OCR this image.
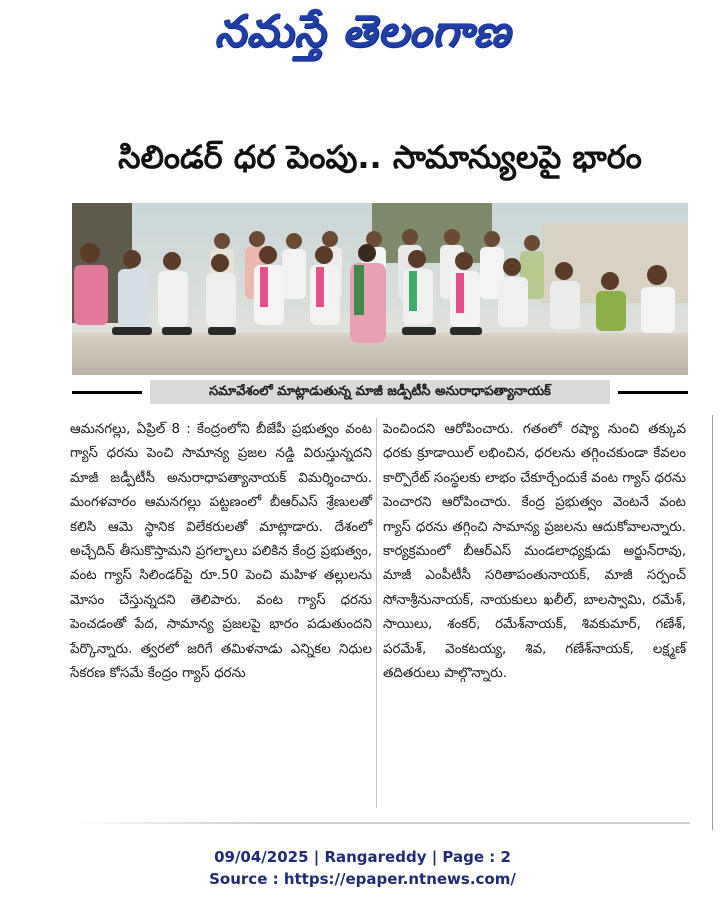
నమస్తే తెలంగాణ
సిలిండర్ ధర పెంపు.. సామాన్యులపై భారం
సమావేశంలో మాట్లాడుతున్న మాజీ జడ్పీటీసీ అనురాధాపత్యానాయక్
ఆమనగల్లు, ఏప్రిల్ 8 : కేంద్రంలోని బీజేపీ ప్రభుత్వం వంట గ్యాస్ ధరను పెంచి సామాన్య ప్రజల నడ్డి విరుస్తున్నదని మాజీ జడ్పీటీసీ అనురాధాపత్యానాయక్ విమర్శించారు. మంగళవారం ఆమనగల్లు పట్టణంలో బీఆర్ఎస్ శ్రేణులతో కలిసి ఆమె స్థానిక విలేకరులతో మాట్లాడారు. దేశంలో అచ్చేదిన్ తీసుకొస్తామని ప్రగల్భాలు పలికిన కేంద్ర ప్రభుత్వం, వంట గ్యాస్ సిలిండర్‌పై రూ.50 పెంచి మహిళ తల్లులను మోసం చేస్తున్నదని తెలిపారు. వంట గ్యాస్ ధరను పెంచడంతో పేద, సామాన్య ప్రజలపై భారం పడుతుందని పేర్కొన్నారు. త్వరలో జరిగే తమిళనాడు ఎన్నికల నిధుల సేకరణ కోసమే కేంద్రం గ్యాస్ ధరను
పెంచిందని ఆరోపించారు. గతంలో రష్యా నుంచి తక్కువ ధరకు క్రూడాయిల్ లభించిన, ధరలను తగ్గించకుండా కేవలం కార్పొరేట్ సంస్థలకు లాభం చేకూర్చేందుకే వంట గ్యాస్ ధరను పెంచారని ఆరోపించారు. కేంద్ర ప్రభుత్వం వెంటనే వంట గ్యాస్ ధరను తగ్గించి సామాన్య ప్రజలను ఆదుకోవాలన్నారు. కార్యక్రమంలో బీఆర్ఎస్ మండలాధ్యక్షుడు అర్జున్‌రావు, మాజీ ఎంపీటీసీ సరితాపంతునాయక్, మాజీ సర్పంచ్ సోనాశ్రీనునాయక్, నాయకులు ఖలీల్, బాలస్వామి, రమేశ్, సాయిలు, శంకర్, రమేశ్‌నాయక్, శివకుమార్, గణేశ్, పరమేశ్, వెంకటయ్య, శివ, గణేశ్‌నాయక్, లక్ష్మణ్ తదితరులు పాల్గొన్నారు.
09/04/2025 | Rangareddy | Page : 2
Source : https://epaper.ntnews.com/
